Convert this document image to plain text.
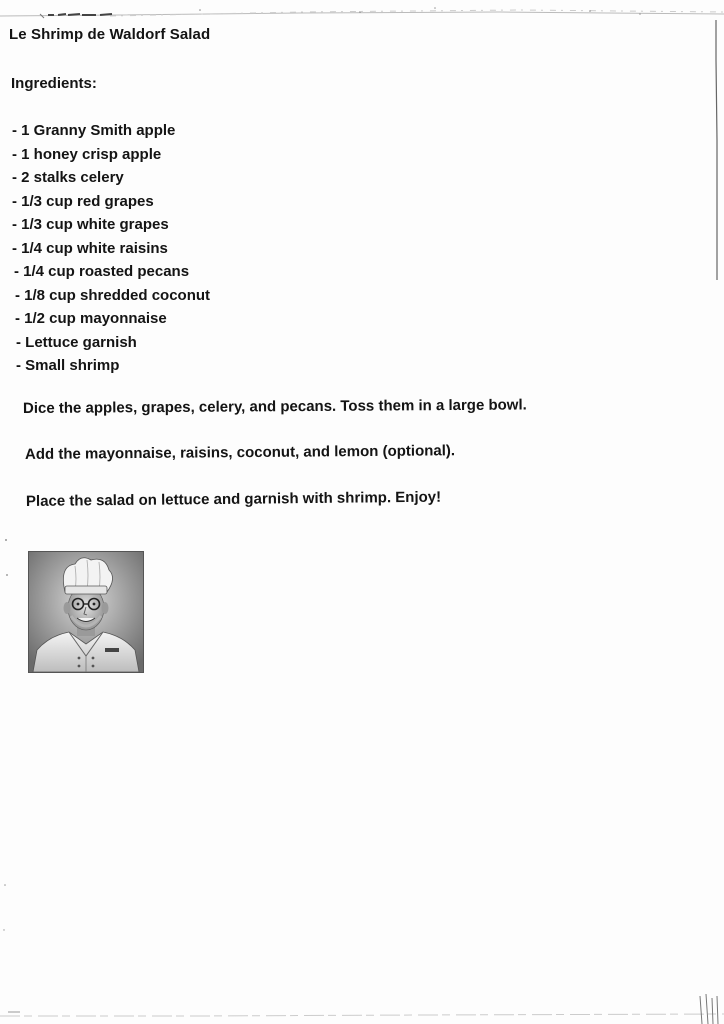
Le Shrimp de Waldorf Salad
Ingredients:
- 1 Granny Smith apple
- 1 honey crisp apple
- 2 stalks celery
- 1/3 cup red grapes
- 1/3 cup white grapes
- 1/4 cup white raisins
- 1/4 cup roasted pecans
- 1/8 cup shredded coconut
- 1/2 cup mayonnaise
- Lettuce garnish
- Small shrimp
Dice the apples, grapes, celery, and pecans. Toss them in a large bowl.
Add the mayonnaise, raisins, coconut, and lemon (optional).
Place the salad on lettuce and garnish with shrimp. Enjoy!
